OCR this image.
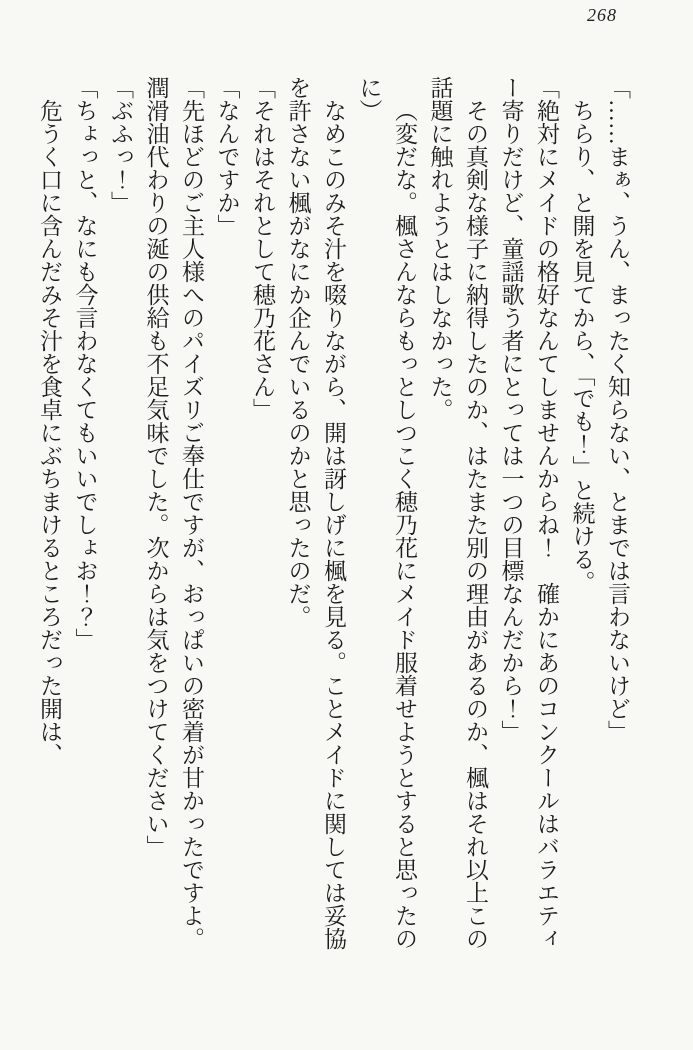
268

「……まぁ、うん、まったく知らない、とまでは言わないけど」

ちらり、と開を見てから、「でも！」と続ける。

「絶対にメイドの格好なんてしませんからね！　確かにあのコンクールはバラエティー寄りだけど、童謡歌う者にとっては一つの目標なんだから！」

その真剣な様子に納得したのか、はたまた別の理由があるのか、楓はそれ以上この話題に触れようとはしなかった。

（変だな。楓さんならもっとしつこく穂乃花にメイド服着せようとすると思ったのに）

なめこのみそ汁を啜りながら、開は訝しげに楓を見る。ことメイドに関しては妥協を許さない楓がなにか企んでいるのかと思ったのだ。

「それはそれとして穂乃花さん」

「なんですか」

「先ほどのご主人様へのパイズリご奉仕ですが、おっぱいの密着が甘かったですよ。潤滑油代わりの涎の供給も不足気味でした。次からは気をつけてください」

「ぶふっ！」

「ちょっと、なにも今言わなくてもいいでしょお！？」

危うく口に含んだみそ汁を食卓にぶちまけるところだった開は、
